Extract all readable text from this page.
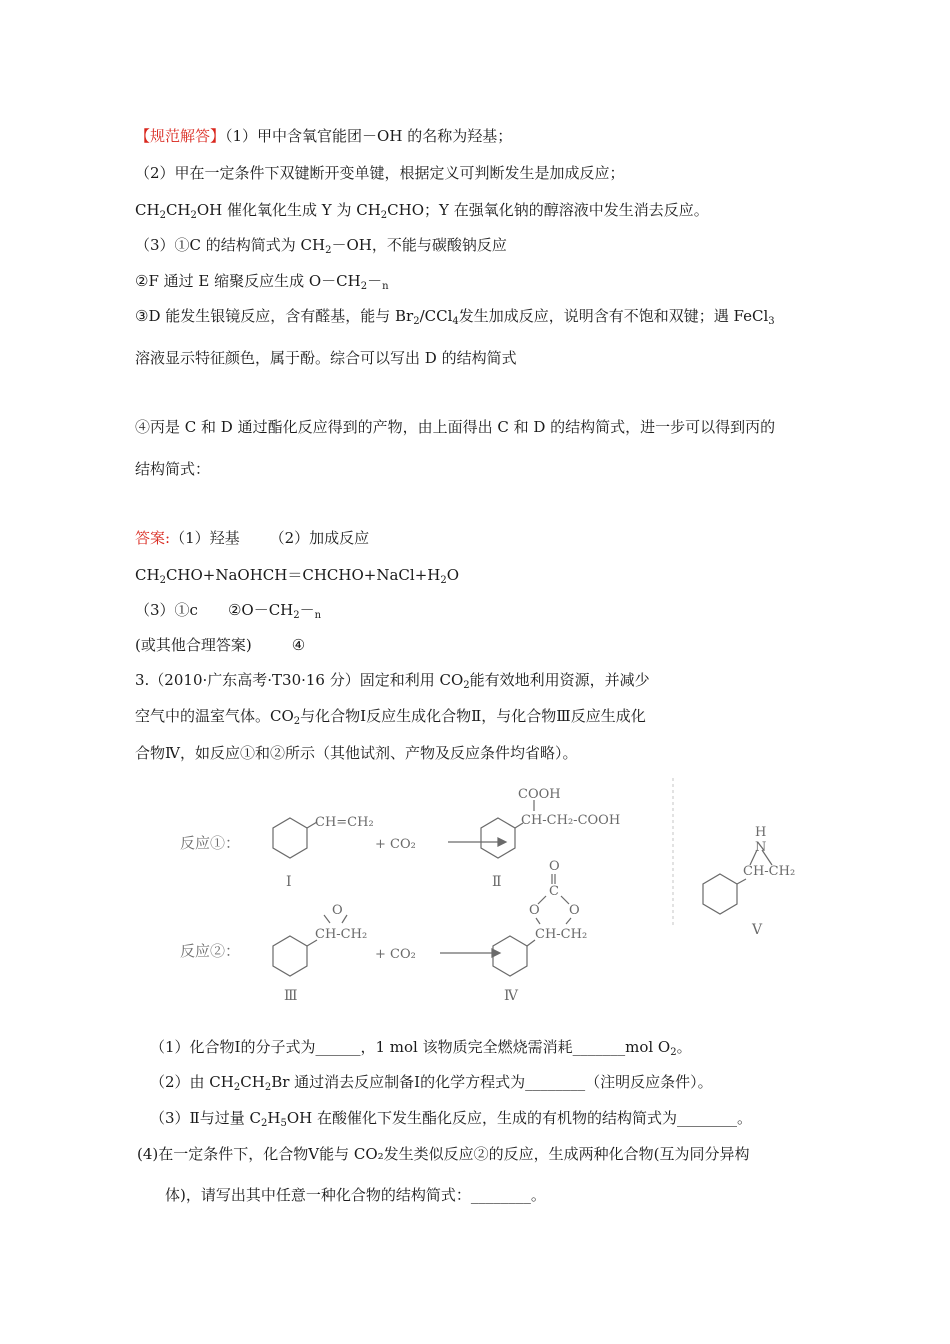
【规范解答】（1）甲中含氧官能团－OH 的名称为羟基；
（2）甲在一定条件下双键断开变单键，根据定义可判断发生是加成反应；
$CH_2CH_2OH$ 催化氧化生成 Y 为 $CH_2CHO$；Y 在强氧化钠的醇溶液中发生消去反应。
（3）①C 的结构简式为 $CH_2-OH$，不能与碳酸钠反应
②F 通过 E 缩聚反应生成 $O-CH_2-_n$
③D 能发生银镜反应，含有醛基，能与 $Br_2/CCl_4$发生加成反应，说明含有不饱和双键；遇 FeCl$_3$
溶液显示特征颜色，属于酚。综合可以写出 D 的结构简式
④丙是 C 和 D 通过酯化反应得到的产物，由上面得出 C 和 D 的结构简式，进一步可以得到丙的
结构简式：
答案:（1）羟基 （2）加成反应
$CH_2CHO+NaOHCH=CHCHO+NaCl+H_2O$
（3）①c $②O-CH_2-_n$
(或其他合理答案)	④
3.（2010·广东高考·T30·16 分）固定和利用 $CO_2$能有效地利用资源，并减少
空气中的温室气体。$CO_2$与化合物Ⅰ反应生成化合物Ⅱ，与化合物Ⅲ反应生成化
合物Ⅳ，如反应①和②所示（其他试剂、产物及反应条件均省略）。
反应①：
CH=CH₂
+ CO₂
Ⅰ
COOH
CH-CH₂-COOH
Ⅱ
H
N
CH-CH₂
Ⅴ
反应②：
O
CH-CH₂
+ CO₂
Ⅲ
O
C
O O
CH-CH₂
Ⅳ
（1）化合物Ⅰ的分子式为______，1 mol 该物质完全燃烧需消耗_______mol $O_2$。
（2）由 $CH_2CH_2Br$ 通过消去反应制备Ⅰ的化学方程式为________（注明反应条件）。
（3）Ⅱ与过量 $C_2H_5OH$ 在酸催化下发生酯化反应，生成的有机物的结构简式为________。
(4)在一定条件下，化合物Ⅴ能与 CO₂发生类似反应②的反应，生成两种化合物(互为同分异构
体)，请写出其中任意一种化合物的结构简式：________。
